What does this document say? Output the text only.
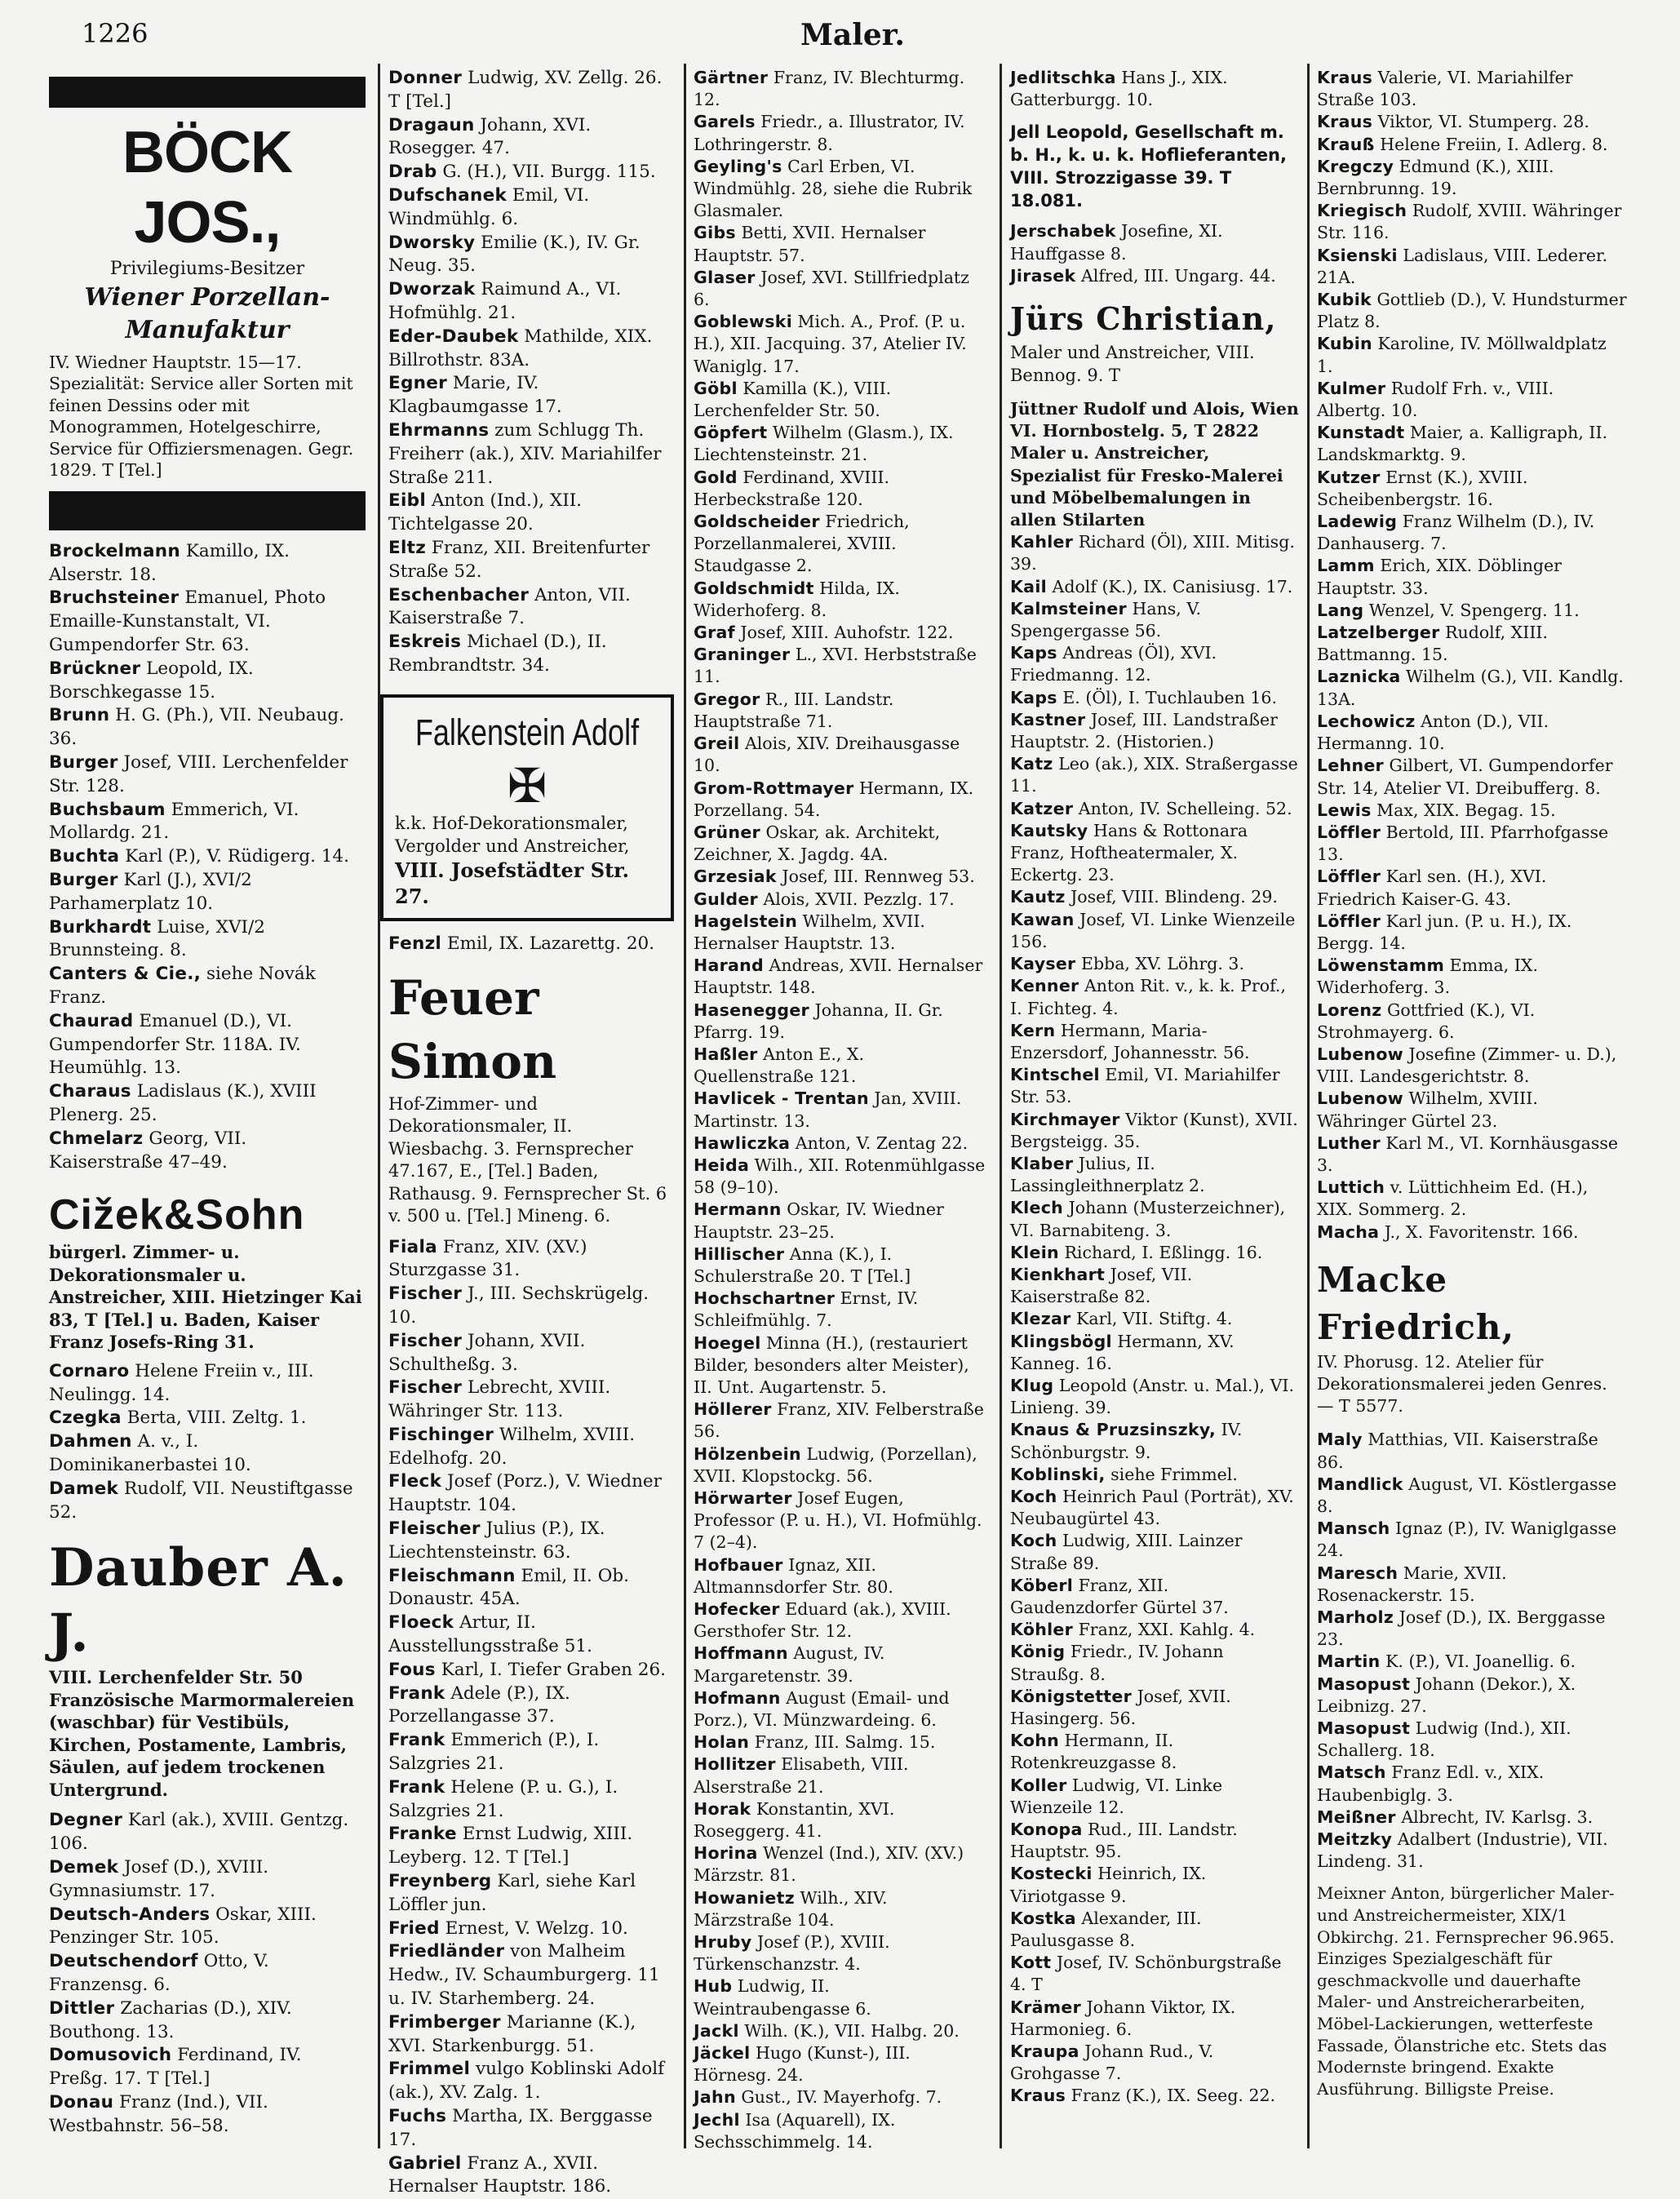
1226	Maler.
BÖCK JOS.,
Privilegiums-Besitzer
Wiener Porzellan-
Manufaktur
IV. Wiedner Hauptstr. 15—17. Spezialität: Service aller Sorten mit feinen Dessins oder mit Monogrammen, Hotelgeschirre, Service für Offiziersmenagen. Gegr. 1829. T [Tel.]

Brockelmann Kamillo, IX. Alserstr. 18.

Bruchsteiner Emanuel, Photo Emaille-Kunstanstalt, VI. Gumpendorfer Str. 63.

Brückner Leopold, IX. Borschkegasse 15.

Brunn H. G. (Ph.), VII. Neubaug. 36.

Burger Josef, VIII. Lerchenfelder Str. 128.

Buchsbaum Emmerich, VI. Mollardg. 21.

Buchta Karl (P.), V. Rüdigerg. 14.

Burger Karl (J.), XVI/2 Parhamerplatz 10.

Burkhardt Luise, XVI/2 Brunnsteing. 8.

Canters & Cie., siehe Novák Franz.

Chaurad Emanuel (D.), VI. Gumpendorfer Str. 118A. IV. Heumühlg. 13.

Charaus Ladislaus (K.), XVIII Plenerg. 25.

Chmelarz Georg, VII. Kaiserstraße 47–49.

Cižek&Sohn
bürgerl. Zimmer- u. Dekorationsmaler u. Anstreicher, XIII. Hietzinger Kai 83, T [Tel.] u. Baden, Kaiser Franz Josefs-Ring 31.

Cornaro Helene Freiin v., III. Neulingg. 14.

Czegka Berta, VIII. Zeltg. 1.

Dahmen A. v., I. Dominikanerbastei 10.

Damek Rudolf, VII. Neustiftgasse 52.

Dauber A. J.
VIII. Lerchenfelder Str. 50 Französische Marmormalereien (waschbar) für Vestibüls, Kirchen, Postamente, Lambris, Säulen, auf jedem trockenen Untergrund.

Degner Karl (ak.), XVIII. Gentzg. 106.

Demek Josef (D.), XVIII. Gymnasiumstr. 17.

Deutsch-Anders Oskar, XIII. Penzinger Str. 105.

Deutschendorf Otto, V. Franzensg. 6.

Dittler Zacharias (D.), XIV. Bouthong. 13.

Domusovich Ferdinand, IV. Preßg. 17. T [Tel.]

Donau Franz (Ind.), VII. Westbahnstr. 56–58.

Donner Ludwig, XV. Zellg. 26. T [Tel.]

Dragaun Johann, XVI. Rosegger. 47.

Drab G. (H.), VII. Burgg. 115.

Dufschanek Emil, VI. Windmühlg. 6.

Dworsky Emilie (K.), IV. Gr. Neug. 35.

Dworzak Raimund A., VI. Hofmühlg. 21.

Eder-Daubek Mathilde, XIX. Billrothstr. 83A.

Egner Marie, IV. Klagbaumgasse 17.

Ehrmanns zum Schlugg Th. Freiherr (ak.), XIV. Mariahilfer Straße 211.

Eibl Anton (Ind.), XII. Tichtelgasse 20.

Eltz Franz, XII. Breitenfurter Straße 52.

Eschenbacher Anton, VII. Kaiserstraße 7.

Eskreis Michael (D.), II. Rembrandtstr. 34.

Falkenstein Adolf
✠
k.k. Hof-Dekorationsmaler, Vergolder und Anstreicher,
VIII. Josefstädter Str. 27.

Fenzl Emil, IX. Lazarettg. 20.

Feuer Simon
Hof-Zimmer- und Dekorationsmaler, II. Wiesbachg. 3. Fernsprecher 47.167, E., [Tel.] Baden, Rathausg. 9. Fernsprecher St. 6 v. 500 u. [Tel.] Mineng. 6.

Fiala Franz, XIV. (XV.) Sturzgasse 31.

Fischer J., III. Sechskrügelg. 10.

Fischer Johann, XVII. Schultheßg. 3.

Fischer Lebrecht, XVIII. Währinger Str. 113.

Fischinger Wilhelm, XVIII. Edelhofg. 20.

Fleck Josef (Porz.), V. Wiedner Hauptstr. 104.

Fleischer Julius (P.), IX. Liechtensteinstr. 63.

Fleischmann Emil, II. Ob. Donaustr. 45A.

Floeck Artur, II. Ausstellungsstraße 51.

Fous Karl, I. Tiefer Graben 26.

Frank Adele (P.), IX. Porzellangasse 37.

Frank Emmerich (P.), I. Salzgries 21.

Frank Helene (P. u. G.), I. Salzgries 21.

Franke Ernst Ludwig, XIII. Leyberg. 12. T [Tel.]

Freynberg Karl, siehe Karl Löffler jun.

Fried Ernest, V. Welzg. 10.

Friedländer von Malheim Hedw., IV. Schaumburgerg. 11 u. IV. Starhemberg. 24.

Frimberger Marianne (K.), XVI. Starkenburgg. 51.

Frimmel vulgo Koblinski Adolf (ak.), XV. Zalg. 1.

Fuchs Martha, IX. Berggasse 17.

Gabriel Franz A., XVII. Hernalser Hauptstr. 186.

Gärtner Franz, IV. Blechturmg. 12.

Garels Friedr., a. Illustrator, IV. Lothringerstr. 8.

Geyling's Carl Erben, VI. Windmühlg. 28, siehe die Rubrik Glasmaler.

Gibs Betti, XVII. Hernalser Hauptstr. 57.

Glaser Josef, XVI. Stillfriedplatz 6.

Goblewski Mich. A., Prof. (P. u. H.), XII. Jacquing. 37, Atelier IV. Waniglg. 17.

Göbl Kamilla (K.), VIII. Lerchenfelder Str. 50.

Göpfert Wilhelm (Glasm.), IX. Liechtensteinstr. 21.

Gold Ferdinand, XVIII. Herbeckstraße 120.

Goldscheider Friedrich, Porzellanmalerei, XVIII. Staudgasse 2.

Goldschmidt Hilda, IX. Widerhoferg. 8.

Graf Josef, XIII. Auhofstr. 122.

Graninger L., XVI. Herbststraße 11.

Gregor R., III. Landstr. Hauptstraße 71.

Greil Alois, XIV. Dreihausgasse 10.

Grom-Rottmayer Hermann, IX. Porzellang. 54.

Grüner Oskar, ak. Architekt, Zeichner, X. Jagdg. 4A.

Grzesiak Josef, III. Rennweg 53.

Gulder Alois, XVII. Pezzlg. 17.

Hagelstein Wilhelm, XVII. Hernalser Hauptstr. 13.

Harand Andreas, XVII. Hernalser Hauptstr. 148.

Hasenegger Johanna, II. Gr. Pfarrg. 19.

Haßler Anton E., X. Quellenstraße 121.

Havlicek - Trentan Jan, XVIII. Martinstr. 13.

Hawliczka Anton, V. Zentag 22.

Heida Wilh., XII. Rotenmühlgasse 58 (9–10).

Hermann Oskar, IV. Wiedner Hauptstr. 23–25.

Hillischer Anna (K.), I. Schulerstraße 20. T [Tel.]

Hochschartner Ernst, IV. Schleifmühlg. 7.

Hoegel Minna (H.), (restauriert Bilder, besonders alter Meister), II. Unt. Augartenstr. 5.

Höllerer Franz, XIV. Felberstraße 56.

Hölzenbein Ludwig, (Porzellan), XVII. Klopstockg. 56.

Hörwarter Josef Eugen, Professor (P. u. H.), VI. Hofmühlg. 7 (2–4).

Hofbauer Ignaz, XII. Altmannsdorfer Str. 80.

Hofecker Eduard (ak.), XVIII. Gersthofer Str. 12.

Hoffmann August, IV. Margaretenstr. 39.

Hofmann August (Email- und Porz.), VI. Münzwardeing. 6.

Holan Franz, III. Salmg. 15.

Hollitzer Elisabeth, VIII. Alserstraße 21.

Horak Konstantin, XVI. Roseggerg. 41.

Horina Wenzel (Ind.), XIV. (XV.) Märzstr. 81.

Howanietz Wilh., XIV. Märzstraße 104.

Hruby Josef (P.), XVIII. Türkenschanzstr. 4.

Hub Ludwig, II. Weintraubengasse 6.

Jackl Wilh. (K.), VII. Halbg. 20.

Jäckel Hugo (Kunst-), III. Hörnesg. 24.

Jahn Gust., IV. Mayerhofg. 7.

Jechl Isa (Aquarell), IX. Sechsschimmelg. 14.

Jedlitschka Hans J., XIX. Gatterburgg. 10.

Jell Leopold, Gesellschaft m. b. H., k. u. k. Hoflieferanten, VIII. Strozzigasse 39. T 18.081.

Jerschabek Josefine, XI. Hauffgasse 8.

Jirasek Alfred, III. Ungarg. 44.

Jürs Christian,
Maler und Anstreicher, VIII. Bennog. 9. T

Jüttner Rudolf und Alois, Wien VI. Hornbostelg. 5, T 2822 Maler u. Anstreicher, Spezialist für Fresko-Malerei und Möbelbemalungen in allen Stilarten

Kahler Richard (Öl), XIII. Mitisg. 39.

Kail Adolf (K.), IX. Canisiusg. 17.

Kalmsteiner Hans, V. Spengergasse 56.

Kaps Andreas (Öl), XVI. Friedmanng. 12.

Kaps E. (Öl), I. Tuchlauben 16.

Kastner Josef, III. Landstraßer Hauptstr. 2. (Historien.)

Katz Leo (ak.), XIX. Straßergasse 11.

Katzer Anton, IV. Schelleing. 52.

Kautsky Hans & Rottonara Franz, Hoftheatermaler, X. Eckertg. 23.

Kautz Josef, VIII. Blindeng. 29.

Kawan Josef, VI. Linke Wienzeile 156.

Kayser Ebba, XV. Löhrg. 3.

Kenner Anton Rit. v., k. k. Prof., I. Fichteg. 4.

Kern Hermann, Maria-Enzersdorf, Johannesstr. 56.

Kintschel Emil, VI. Mariahilfer Str. 53.

Kirchmayer Viktor (Kunst), XVII. Bergsteigg. 35.

Klaber Julius, II. Lassingleithnerplatz 2.

Klech Johann (Musterzeichner), VI. Barnabiteng. 3.

Klein Richard, I. Eßlingg. 16.

Kienkhart Josef, VII. Kaiserstraße 82.

Klezar Karl, VII. Stiftg. 4.

Klingsbögl Hermann, XV. Kanneg. 16.

Klug Leopold (Anstr. u. Mal.), VI. Linieng. 39.

Knaus & Pruzsinszky, IV. Schönburgstr. 9.

Koblinski, siehe Frimmel.

Koch Heinrich Paul (Porträt), XV. Neubaugürtel 43.

Koch Ludwig, XIII. Lainzer Straße 89.

Köberl Franz, XII. Gaudenzdorfer Gürtel 37.

Köhler Franz, XXI. Kahlg. 4.

König Friedr., IV. Johann Straußg. 8.

Königstetter Josef, XVII. Hasingerg. 56.

Kohn Hermann, II. Rotenkreuzgasse 8.

Koller Ludwig, VI. Linke Wienzeile 12.

Konopa Rud., III. Landstr. Hauptstr. 95.

Kostecki Heinrich, IX. Viriotgasse 9.

Kostka Alexander, III. Paulusgasse 8.

Kott Josef, IV. Schönburgstraße 4. T

Krämer Johann Viktor, IX. Harmonieg. 6.

Kraupa Johann Rud., V. Grohgasse 7.

Kraus Franz (K.), IX. Seeg. 22.

Kraus Valerie, VI. Mariahilfer Straße 103.

Kraus Viktor, VI. Stumperg. 28.

Krauß Helene Freiin, I. Adlerg. 8.

Kregczy Edmund (K.), XIII. Bernbrunng. 19.

Kriegisch Rudolf, XVIII. Währinger Str. 116.

Ksienski Ladislaus, VIII. Lederer. 21A.

Kubik Gottlieb (D.), V. Hundsturmer Platz 8.

Kubin Karoline, IV. Möllwaldplatz 1.

Kulmer Rudolf Frh. v., VIII. Albertg. 10.

Kunstadt Maier, a. Kalligraph, II. Landskmarktg. 9.

Kutzer Ernst (K.), XVIII. Scheibenbergstr. 16.

Ladewig Franz Wilhelm (D.), IV. Danhauserg. 7.

Lamm Erich, XIX. Döblinger Hauptstr. 33.

Lang Wenzel, V. Spengerg. 11.

Latzelberger Rudolf, XIII. Battmanng. 15.

Laznicka Wilhelm (G.), VII. Kandlg. 13A.

Lechowicz Anton (D.), VII. Hermanng. 10.

Lehner Gilbert, VI. Gumpendorfer Str. 14, Atelier VI. Dreibufferg. 8.

Lewis Max, XIX. Begag. 15.

Löffler Bertold, III. Pfarrhofgasse 13.

Löffler Karl sen. (H.), XVI. Friedrich Kaiser-G. 43.

Löffler Karl jun. (P. u. H.), IX. Bergg. 14.

Löwenstamm Emma, IX. Widerhoferg. 3.

Lorenz Gottfried (K.), VI. Strohmayerg. 6.

Lubenow Josefine (Zimmer- u. D.), VIII. Landesgerichtstr. 8.

Lubenow Wilhelm, XVIII. Währinger Gürtel 23.

Luther Karl M., VI. Kornhäusgasse 3.

Luttich v. Lüttichheim Ed. (H.), XIX. Sommerg. 2.

Macha J., X. Favoritenstr. 166.

Macke Friedrich,
IV. Phorusg. 12. Atelier für Dekorationsmalerei jeden Genres. — T 5577.

Maly Matthias, VII. Kaiserstraße 86.

Mandlick August, VI. Köstlergasse 8.

Mansch Ignaz (P.), IV. Waniglgasse 24.

Maresch Marie, XVII. Rosenackerstr. 15.

Marholz Josef (D.), IX. Berggasse 23.

Martin K. (P.), VI. Joanellig. 6.

Masopust Johann (Dekor.), X. Leibnizg. 27.

Masopust Ludwig (Ind.), XII. Schallerg. 18.

Matsch Franz Edl. v., XIX. Haubenbiglg. 3.

Meißner Albrecht, IV. Karlsg. 3.

Meitzky Adalbert (Industrie), VII. Lindeng. 31.

Meixner Anton, bürgerlicher Maler- und Anstreichermeister, XIX/1 Obkirchg. 21. Fernsprecher 96.965. Einziges Spezialgeschäft für geschmackvolle und dauerhafte Maler- und Anstreicherarbeiten, Möbel-Lackierungen, wetterfeste Fassade, Ölanstriche etc. Stets das Modernste bringend. Exakte Ausführung. Billigste Preise.
